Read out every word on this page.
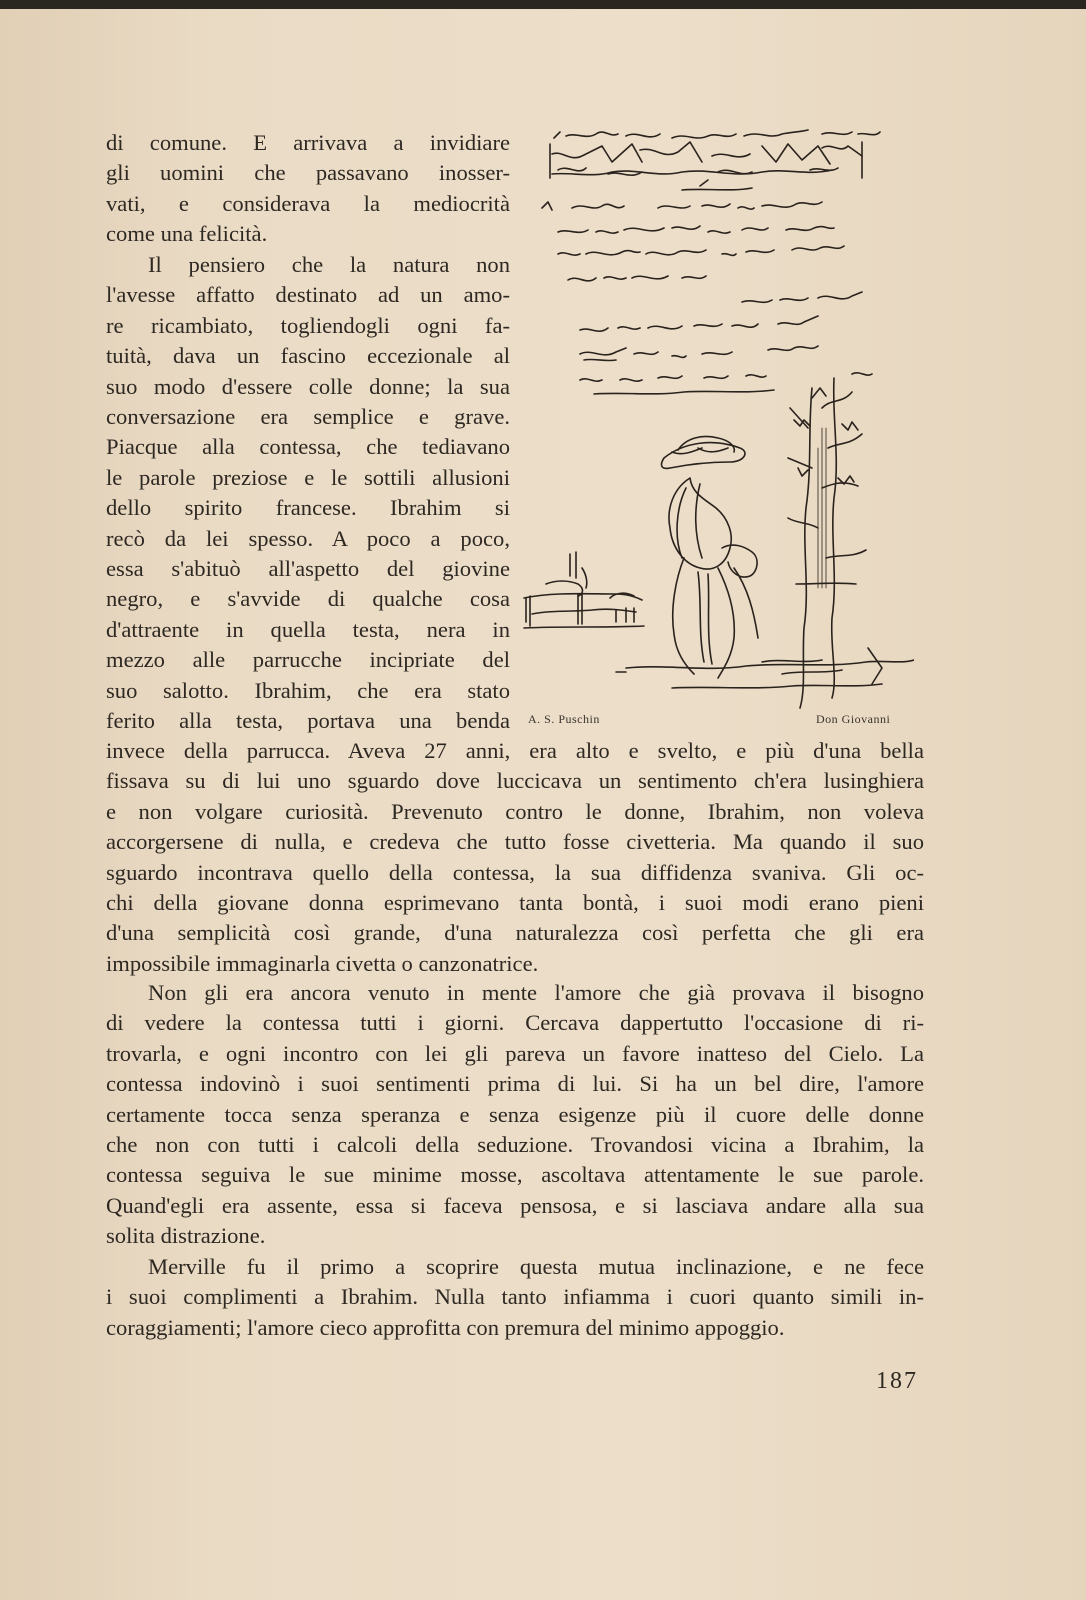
di comune. E arrivava a invidiare
gli uomini che passavano inosser-
vati, e considerava la mediocrità
come una felicità.
Il pensiero che la natura non
l'avesse affatto destinato ad un amo-
re ricambiato, togliendogli ogni fa-
tuità, dava un fascino eccezionale al
suo modo d'essere colle donne; la sua
conversazione era semplice e grave.
Piacque alla contessa, che tediavano
le parole preziose e le sottili allusioni
dello spirito francese. Ibrahim si
recò da lei spesso. A poco a poco,
essa s'abituò all'aspetto del giovine
negro, e s'avvide di qualche cosa
d'attraente in quella testa, nera in
mezzo alle parrucche incipriate del
suo salotto. Ibrahim, che era stato
ferito alla testa, portava una benda
invece della parrucca. Aveva 27 anni, era alto e svelto, e più d'una bella
fissava su di lui uno sguardo dove luccicava un sentimento ch'era lusinghiera
e non volgare curiosità. Prevenuto contro le donne, Ibrahim, non voleva
accorgersene di nulla, e credeva che tutto fosse civetteria. Ma quando il suo
sguardo incontrava quello della contessa, la sua diffidenza svaniva. Gli oc-
chi della giovane donna esprimevano tanta bontà, i suoi modi erano pieni
d'una semplicità così grande, d'una naturalezza così perfetta che gli era
impossibile immaginarla civetta o canzonatrice.
Non gli era ancora venuto in mente l'amore che già provava il bisogno
di vedere la contessa tutti i giorni. Cercava dappertutto l'occasione di ri-
trovarla, e ogni incontro con lei gli pareva un favore inatteso del Cielo. La
contessa indovinò i suoi sentimenti prima di lui. Si ha un bel dire, l'amore
certamente tocca senza speranza e senza esigenze più il cuore delle donne
che non con tutti i calcoli della seduzione. Trovandosi vicina a Ibrahim, la
contessa seguiva le sue minime mosse, ascoltava attentamente le sue parole.
Quand'egli era assente, essa si faceva pensosa, e si lasciava andare alla sua
solita distrazione.
Merville fu il primo a scoprire questa mutua inclinazione, e ne fece
i suoi complimenti a Ibrahim. Nulla tanto infiamma i cuori quanto simili in-
coraggiamenti; l'amore cieco approfitta con premura del minimo appoggio.
A. S. Puschin	Don Giovanni
187
